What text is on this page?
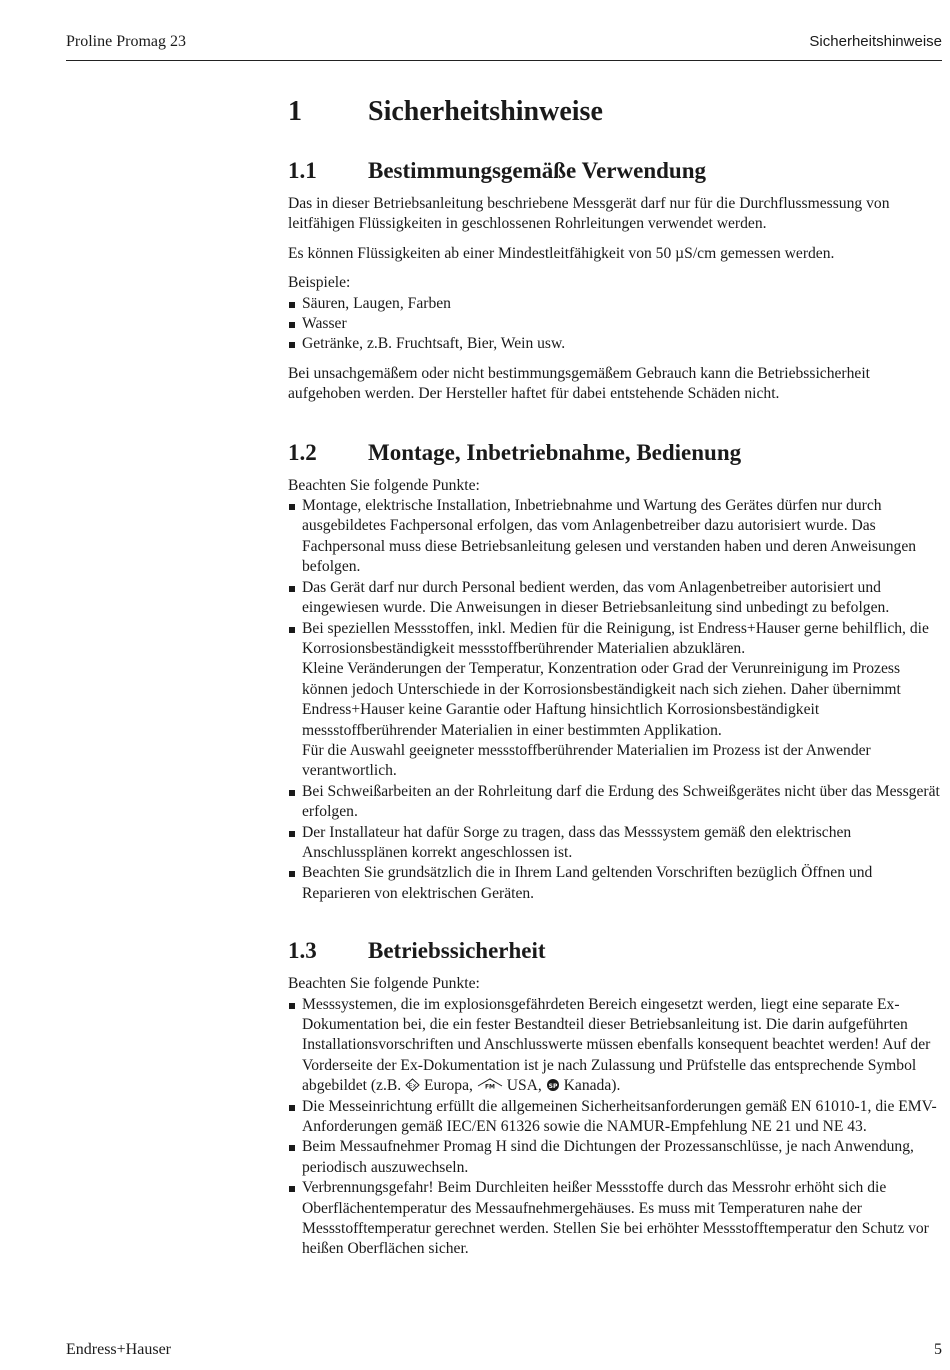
Proline Promag 23	Sicherheitshinweise
1	Sicherheitshinweise
1.1	Bestimmungsgemäße Verwendung

Das in dieser Betriebsanleitung beschriebene Messgerät darf nur für die Durchflussmessung von leitfähigen Flüssigkeiten in geschlossenen Rohrleitungen verwendet werden.

Es können Flüssigkeiten ab einer Mindestleitfähigkeit von 50 µS/cm gemessen werden.

Beispiele:

Säuren, Laugen, Farben
Wasser
Getränke, z.B. Fruchtsaft, Bier, Wein usw.

Bei unsachgemäßem oder nicht bestimmungsgemäßem Gebrauch kann die Betriebssicherheit aufgehoben werden. Der Hersteller haftet für dabei entstehende Schäden nicht.

1.2	Montage, Inbetriebnahme, Bedienung

Beachten Sie folgende Punkte:

Montage, elektrische Installation, Inbetriebnahme und Wartung des Gerätes dürfen nur durch ausgebildetes Fachpersonal erfolgen, das vom Anlagenbetreiber dazu autorisiert wurde. Das Fachpersonal muss diese Betriebsanleitung gelesen und verstanden haben und deren Anweisungen befolgen.
Das Gerät darf nur durch Personal bedient werden, das vom Anlagenbetreiber autorisiert und eingewiesen wurde. Die Anweisungen in dieser Betriebsanleitung sind unbedingt zu befolgen.
Bei speziellen Messstoffen, inkl. Medien für die Reinigung, ist Endress+Hauser gerne behilflich, die Korrosionsbeständigkeit messstoffberührender Materialien abzuklären.
Kleine Veränderungen der Temperatur, Konzentration oder Grad der Verunreinigung im Prozess können jedoch Unterschiede in der Korrosionsbeständigkeit nach sich ziehen. Daher übernimmt Endress+Hauser keine Garantie oder Haftung hinsichtlich Korrosionsbeständigkeit messstoffberührender Materialien in einer bestimmten Applikation.
Für die Auswahl geeigneter messstoffberührender Materialien im Prozess ist der Anwender verantwortlich.
Bei Schweißarbeiten an der Rohrleitung darf die Erdung des Schweißgerätes nicht über das Messgerät erfolgen.
Der Installateur hat dafür Sorge zu tragen, dass das Messsystem gemäß den elektrischen Anschlussplänen korrekt angeschlossen ist.
Beachten Sie grundsätzlich die in Ihrem Land geltenden Vorschriften bezüglich Öffnen und Reparieren von elektrischen Geräten.
1.3	Betriebssicherheit

Beachten Sie folgende Punkte:

Messsystemen, die im explosionsgefährdeten Bereich eingesetzt werden, liegt eine separate Ex-Dokumentation bei, die ein fester Bestandteil dieser Betriebsanleitung ist. Die darin aufgeführten Installationsvorschriften und Anschlusswerte müssen ebenfalls konsequent beachtet werden! Auf der Vorderseite der Ex-Dokumentation ist je nach Zulassung und Prüfstelle das entsprechende Symbol abgebildet (z.B. Ex Europa, FM USA, SP Kanada).
Die Messeinrichtung erfüllt die allgemeinen Sicherheitsanforderungen gemäß EN 61010-1, die EMV-Anforderungen gemäß IEC/EN 61326 sowie die NAMUR-Empfehlung NE 21 und NE 43.
Beim Messaufnehmer Promag H sind die Dichtungen der Prozessanschlüsse, je nach Anwendung, periodisch auszuwechseln.
Verbrennungsgefahr! Beim Durchleiten heißer Messstoffe durch das Messrohr erhöht sich die Oberflächentemperatur des Messaufnehmergehäuses. Es muss mit Temperaturen nahe der Messstofftemperatur gerechnet werden. Stellen Sie bei erhöhter Messstofftemperatur den Schutz vor heißen Oberflächen sicher.
Endress+Hauser	5
